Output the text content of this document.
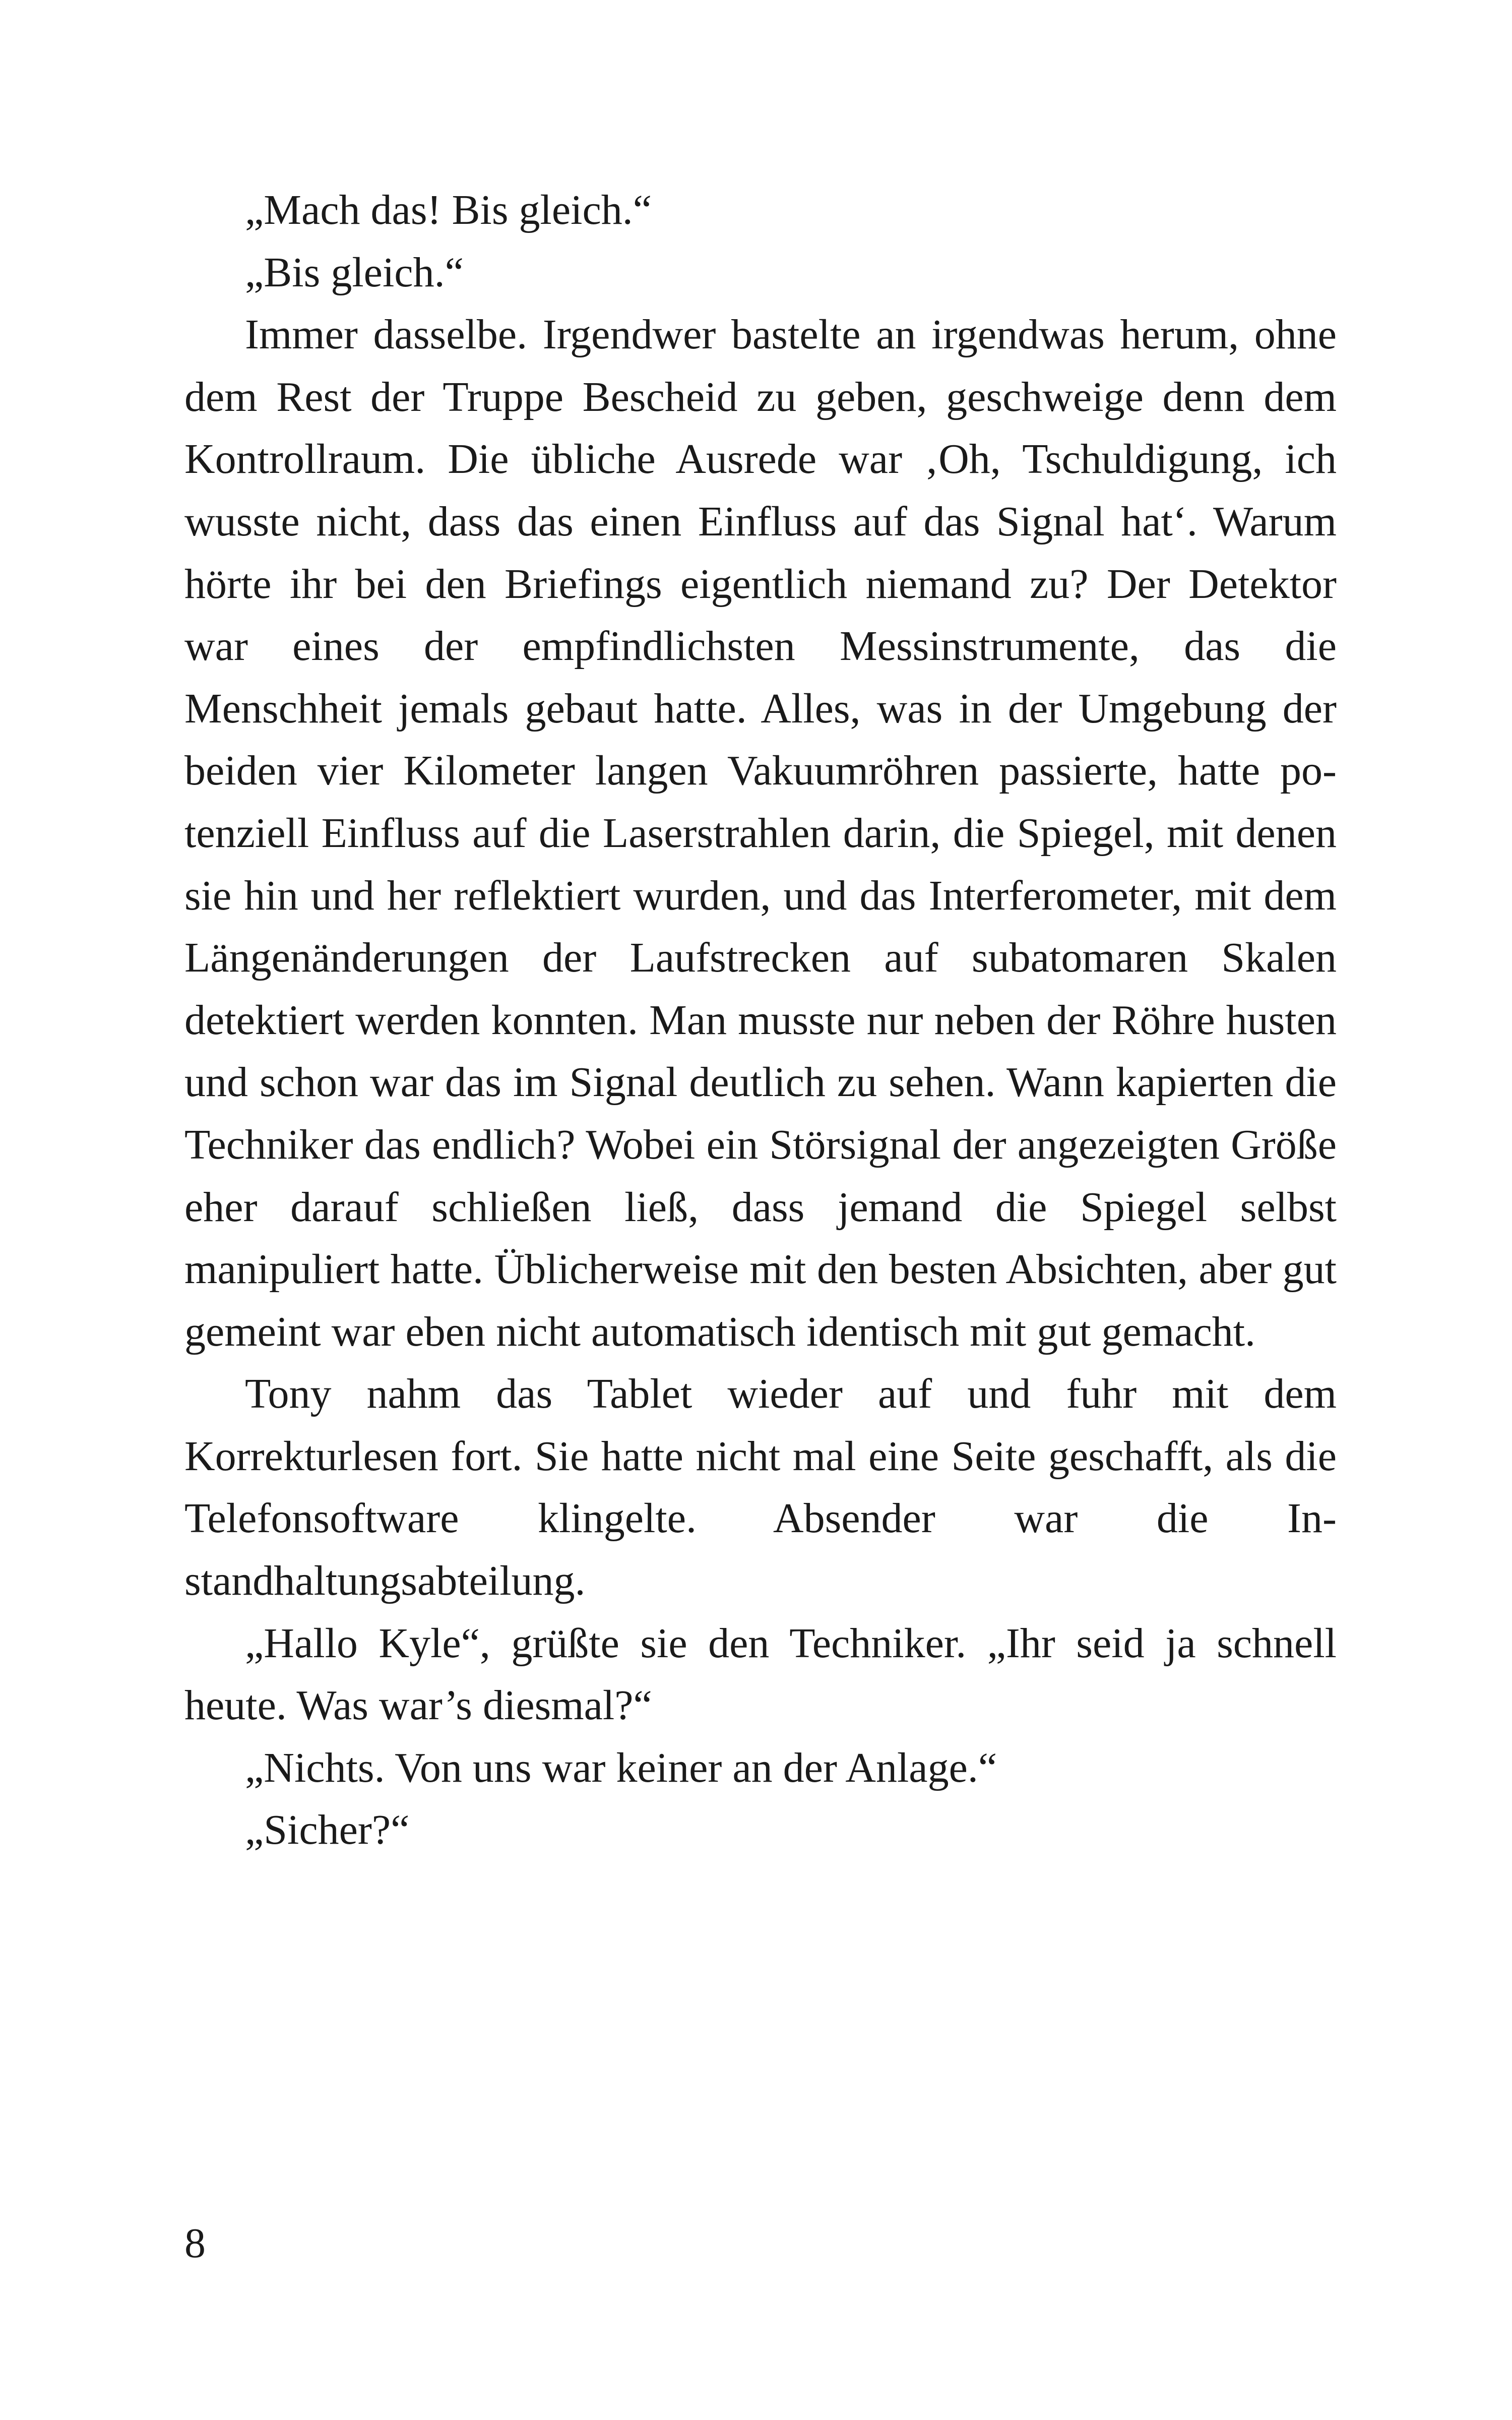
„Mach das! Bis gleich.“

„Bis gleich.“

Immer dasselbe. Irgendwer bastelte an irgendwas herum, ohne dem Rest der Truppe Bescheid zu geben, geschweige denn dem Kontrollraum. Die übliche Ausrede war ‚Oh, Tschuldigung, ich wusste nicht, dass das einen Einfluss auf das Signal hat‘. Warum hörte ihr bei den Briefings eigentlich niemand zu? Der Detektor war eines der empfindlichsten Messinstrumente, das die Menschheit jemals gebaut hatte. Alles, was in der Umgebung der beiden vier Kilometer langen Vakuumröhren passierte, hatte potenziell Einfluss auf die Laserstrahlen darin, die Spiegel, mit denen sie hin und her reflektiert wurden, und das Interferometer, mit dem Längenänderungen der Laufstrecken auf subatomaren Skalen detektiert werden konnten. Man musste nur neben der Röhre husten und schon war das im Signal deutlich zu sehen. Wann kapierten die Techniker das endlich? Wobei ein Störsignal der angezeigten Größe eher darauf schließen ließ, dass jemand die Spiegel selbst manipuliert hatte. Üblicherweise mit den besten Absichten, aber gut gemeint war eben nicht automatisch identisch mit gut gemacht.

Tony nahm das Tablet wieder auf und fuhr mit dem Korrekturlesen fort. Sie hatte nicht mal eine Seite geschafft, als die Telefonsoftware klingelte. Absender war die Instandhaltungsabteilung.

„Hallo Kyle“, grüßte sie den Techniker. „Ihr seid ja schnell heute. Was war’s diesmal?“

„Nichts. Von uns war keiner an der Anlage.“

„Sicher?“

8
